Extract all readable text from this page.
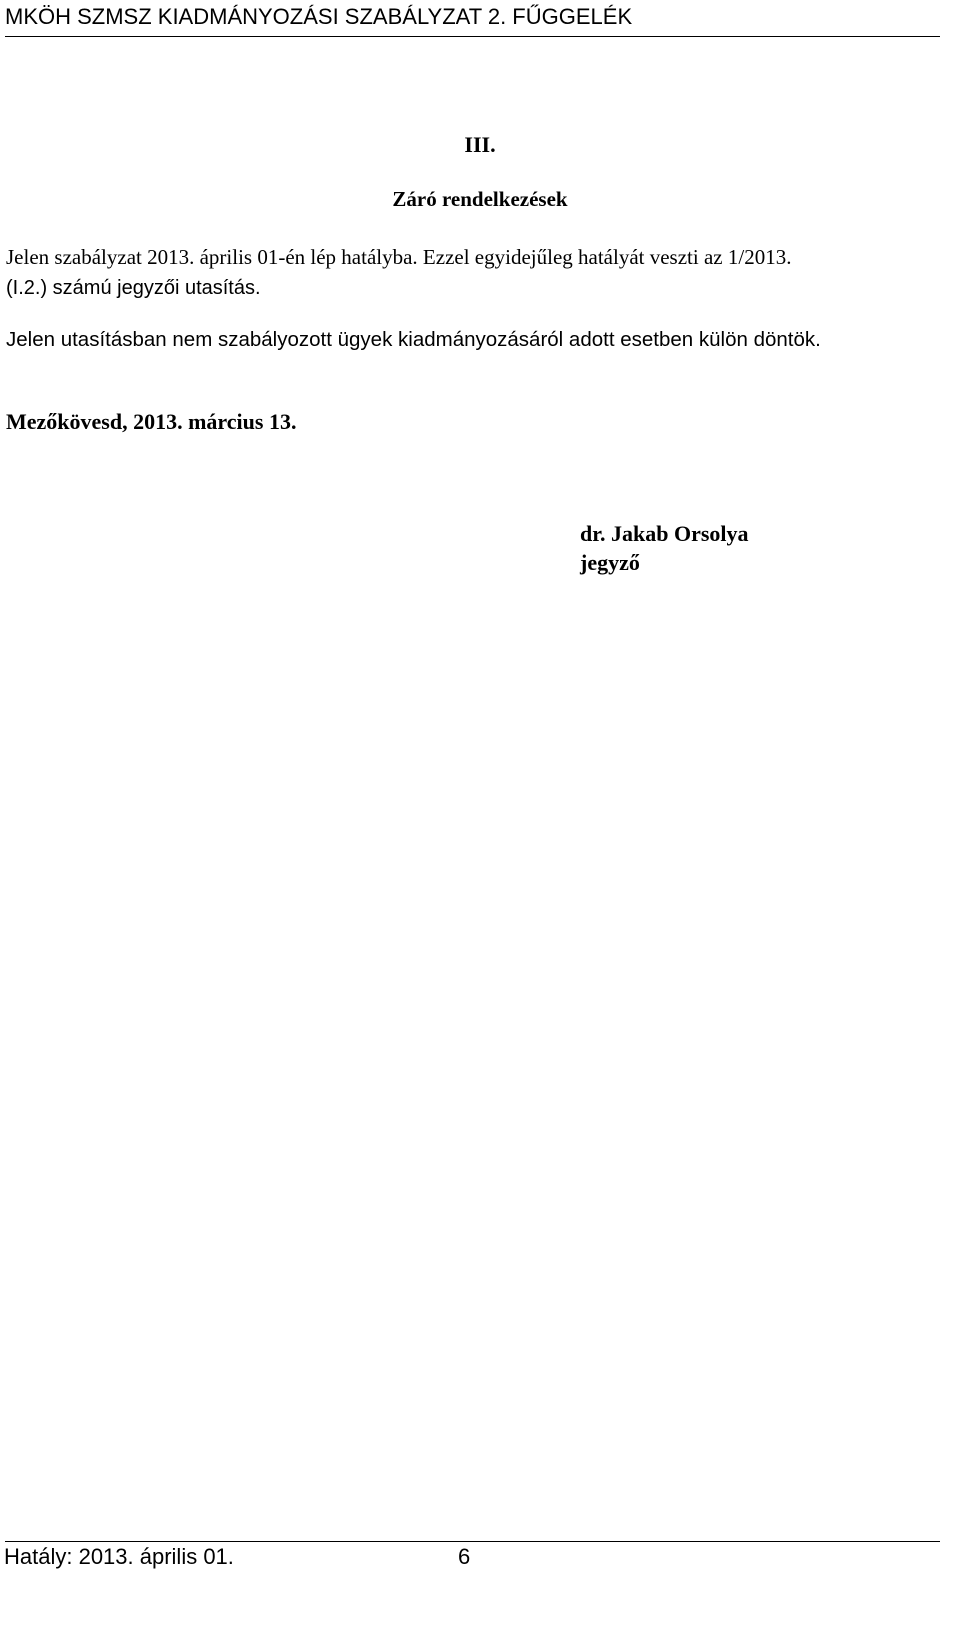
MKÖH SZMSZ KIADMÁNYOZÁSI SZABÁLYZAT 2. FŰGGELÉK

III.

Záró rendelkezések

Jelen szabályzat 2013. április 01-én lép hatályba. Ezzel egyidejűleg hatályát veszti az 1/2013.

(I.2.) számú jegyzői utasítás.

Jelen utasításban nem szabályozott ügyek kiadmányozásáról adott esetben külön döntök.

Mezőkövesd, 2013. március 13.

dr. Jakab Orsolya

jegyző

Hatály: 2013. április 01.	6
